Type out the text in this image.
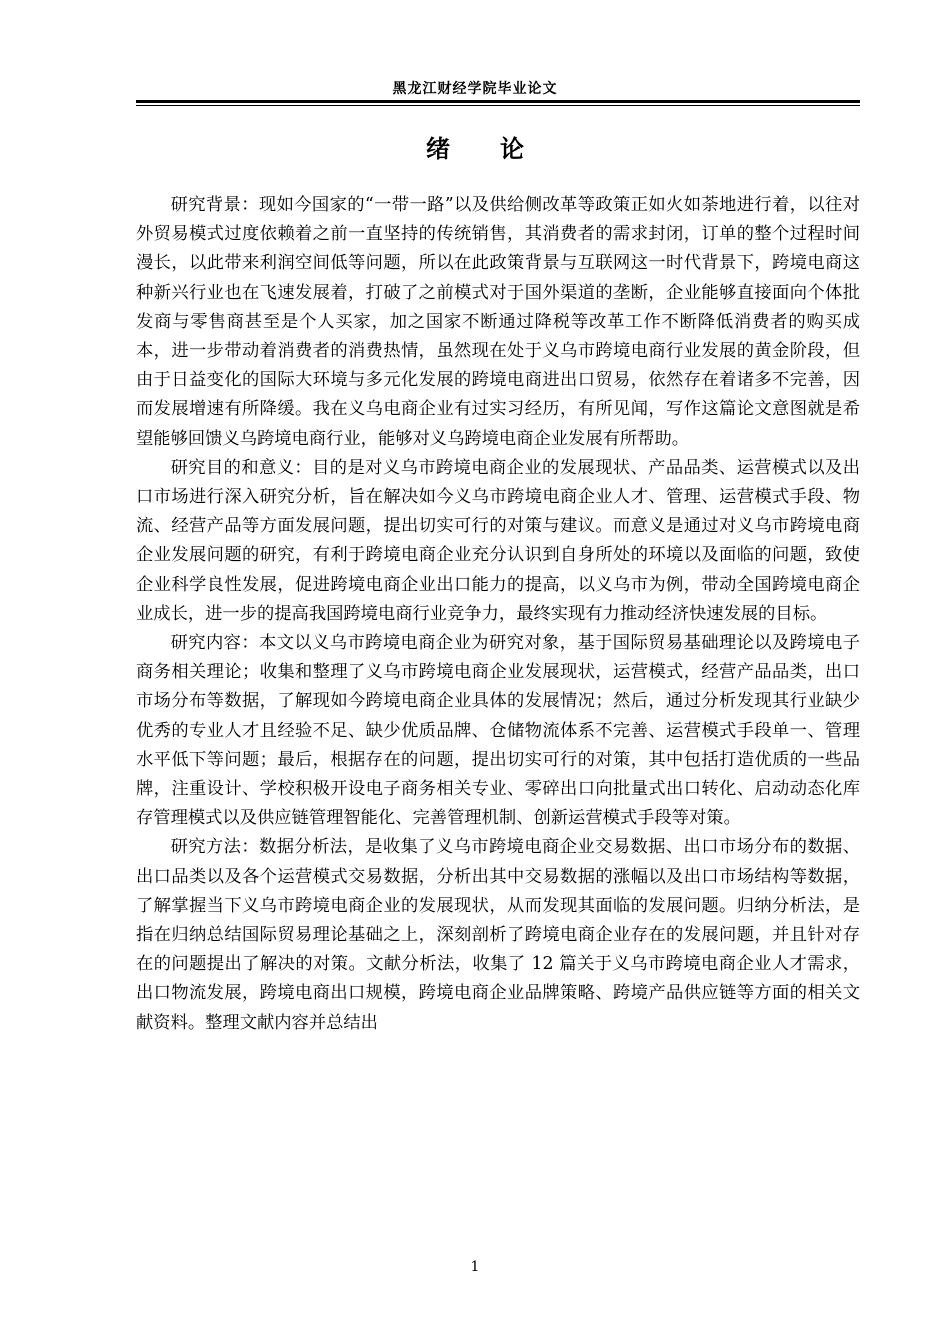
黑龙江财经学院毕业论文
绪论

研究背景：现如今国家的“一带一路”以及供给侧改革等政策正如火如荼地进行着，以往对外贸易模式过度依赖着之前一直坚持的传统销售，其消费者的需求封闭，订单的整个过程时间漫长，以此带来利润空间低等问题，所以在此政策背景与互联网这一时代背景下，跨境电商这种新兴行业也在飞速发展着，打破了之前模式对于国外渠道的垄断，企业能够直接面向个体批发商与零售商甚至是个人买家，加之国家不断通过降税等改革工作不断降低消费者的购买成本，进一步带动着消费者的消费热情，虽然现在处于义乌市跨境电商行业发展的黄金阶段，但由于日益变化的国际大环境与多元化发展的跨境电商进出口贸易，依然存在着诸多不完善，因而发展增速有所降缓。我在义乌电商企业有过实习经历，有所见闻，写作这篇论文意图就是希望能够回馈义乌跨境电商行业，能够对义乌跨境电商企业发展有所帮助。

研究目的和意义：目的是对义乌市跨境电商企业的发展现状、产品品类、运营模式以及出口市场进行深入研究分析，旨在解决如今义乌市跨境电商企业人才、管理、运营模式手段、物流、经营产品等方面发展问题，提出切实可行的对策与建议。而意义是通过对义乌市跨境电商企业发展问题的研究，有利于跨境电商企业充分认识到自身所处的环境以及面临的问题，致使企业科学良性发展，促进跨境电商企业出口能力的提高，以义乌市为例，带动全国跨境电商企业成长，进一步的提高我国跨境电商行业竞争力，最终实现有力推动经济快速发展的目标。

研究内容：本文以义乌市跨境电商企业为研究对象，基于国际贸易基础理论以及跨境电子商务相关理论；收集和整理了义乌市跨境电商企业发展现状，运营模式，经营产品品类，出口市场分布等数据，了解现如今跨境电商企业具体的发展情况；然后，通过分析发现其行业缺少优秀的专业人才且经验不足、缺少优质品牌、仓储物流体系不完善、运营模式手段单一、管理水平低下等问题；最后，根据存在的问题，提出切实可行的对策，其中包括打造优质的一些品牌，注重设计、学校积极开设电子商务相关专业、零碎出口向批量式出口转化、启动动态化库存管理模式以及供应链管理智能化、完善管理机制、创新运营模式手段等对策。

研究方法：数据分析法，是收集了义乌市跨境电商企业交易数据、出口市场分布的数据、出口品类以及各个运营模式交易数据，分析出其中交易数据的涨幅以及出口市场结构等数据，了解掌握当下义乌市跨境电商企业的发展现状，从而发现其面临的发展问题。归纳分析法，是指在归纳总结国际贸易理论基础之上，深刻剖析了跨境电商企业存在的发展问题，并且针对存在的问题提出了解决的对策。文献分析法，收集了 12 篇关于义乌市跨境电商企业人才需求，出口物流发展，跨境电商出口规模，跨境电商企业品牌策略、跨境产品供应链等方面的相关文献资料。整理文献内容并总结出

1
